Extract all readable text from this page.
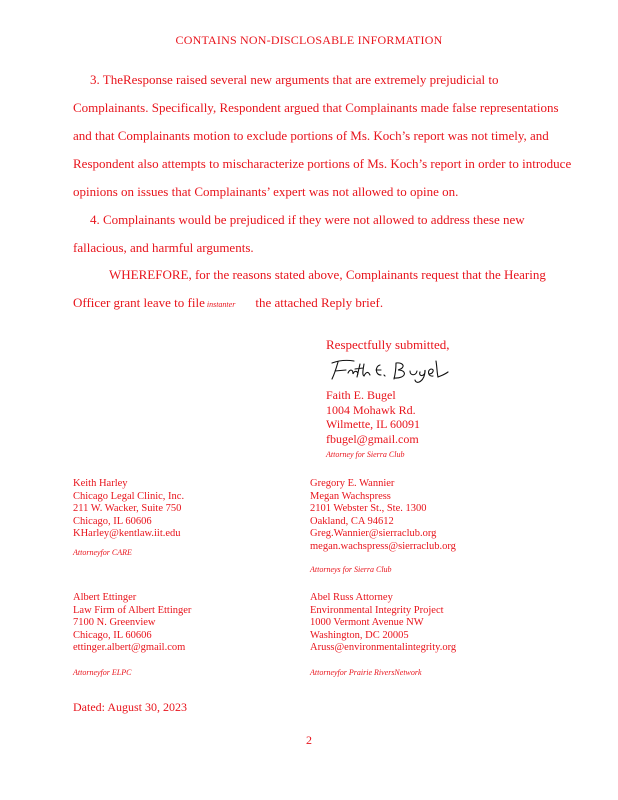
CONTAINS NON-DISCLOSABLE INFORMATION
3. TheResponse raised several new arguments that are extremely prejudicial to
Complainants. Specifically, Respondent argued that Complainants made false representations
and that Complainants motion to exclude portions of Ms. Koch’s report was not timely, and
Respondent also attempts to mischaracterize portions of Ms. Koch’s report in order to introduce
opinions on issues that Complainants’ expert was not allowed to opine on.
4. Complainants would be prejudiced if they were not allowed to address these new
fallacious, and harmful arguments.
WHEREFORE, for the reasons stated above, Complainants request that the Hearing
Officer grant leave to file instanter the attached Reply brief.
Respectfully submitted,
Faith E. Bugel
1004 Mohawk Rd.
Wilmette, IL 60091
fbugel@gmail.com
Attorney for Sierra Club
Keith Harley
Chicago Legal Clinic, Inc.
211 W. Wacker, Suite 750
Chicago, IL 60606
KHarley@kentlaw.iit.edu
Attorneyfor CARE
Gregory E. Wannier
Megan Wachspress
2101 Webster St., Ste. 1300
Oakland, CA 94612
Greg.Wannier@sierraclub.org
megan.wachspress@sierraclub.org
Attorneys for Sierra Club
Albert Ettinger
Law Firm of Albert Ettinger
7100 N. Greenview
Chicago, IL 60606
ettinger.albert@gmail.com
Attorneyfor ELPC
Abel Russ Attorney
Environmental Integrity Project
1000 Vermont Avenue NW
Washington, DC 20005
Aruss@environmentalintegrity.org
Attorneyfor Prairie RiversNetwork
Dated: August 30, 2023
2
